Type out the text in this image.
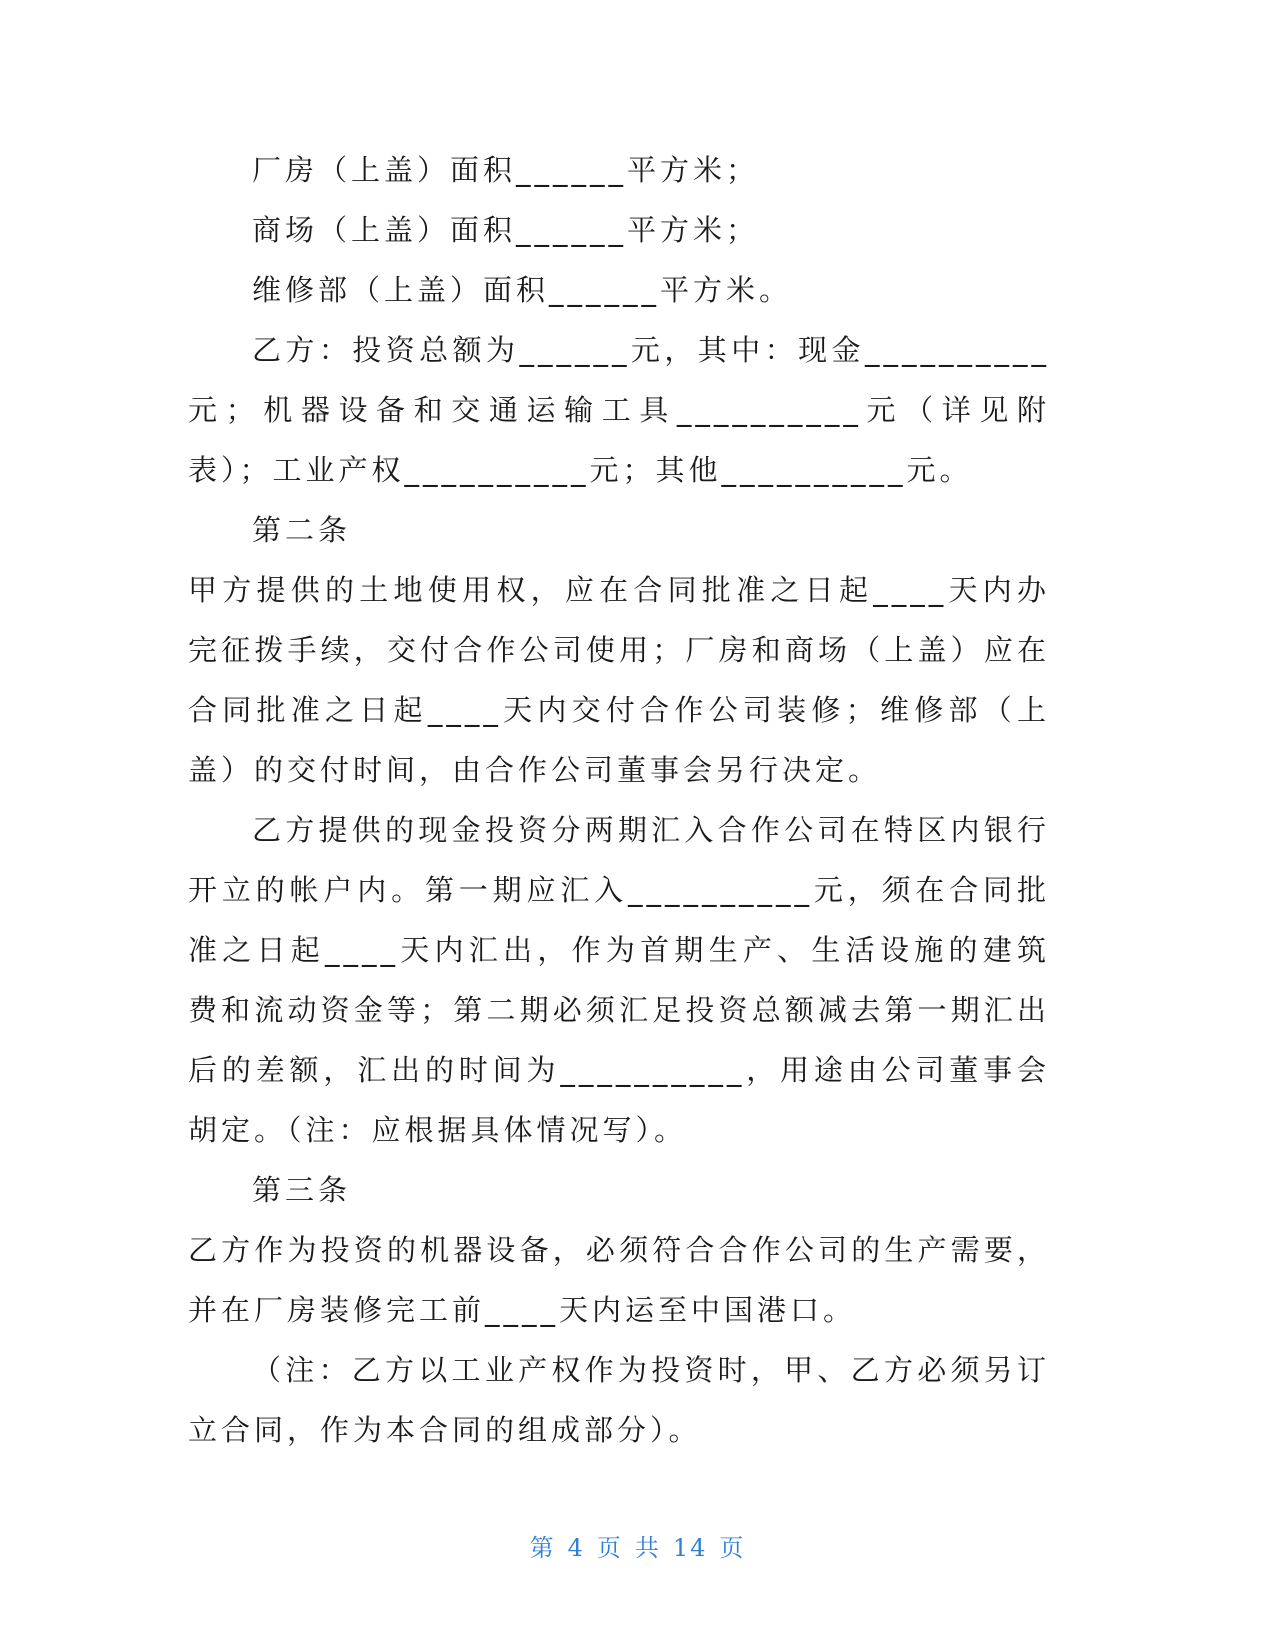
厂房（上盖）面积______平方米；

商场（上盖）面积______平方米；

维修部（上盖）面积______平方米。

乙方：投资总额为______元，其中：现金__________元；机器设备和交通运输工具__________元（详见附表）；工业产权__________元；其他__________元。

第二条

甲方提供的土地使用权，应在合同批准之日起____天内办完征拨手续，交付合作公司使用；厂房和商场（上盖）应在合同批准之日起____天内交付合作公司装修；维修部（上盖）的交付时间，由合作公司董事会另行决定。

乙方提供的现金投资分两期汇入合作公司在特区内银行开立的帐户内。第一期应汇入__________元，须在合同批准之日起____天内汇出，作为首期生产、生活设施的建筑费和流动资金等；第二期必须汇足投资总额减去第一期汇出后的差额，汇出的时间为__________，用途由公司董事会胡定。（注：应根据具体情况写）。

第三条

乙方作为投资的机器设备，必须符合合作公司的生产需要，并在厂房装修完工前____天内运至中国港口。

（注：乙方以工业产权作为投资时，甲、乙方必须另订立合同，作为本合同的组成部分）。

第 4 页 共 14 页
